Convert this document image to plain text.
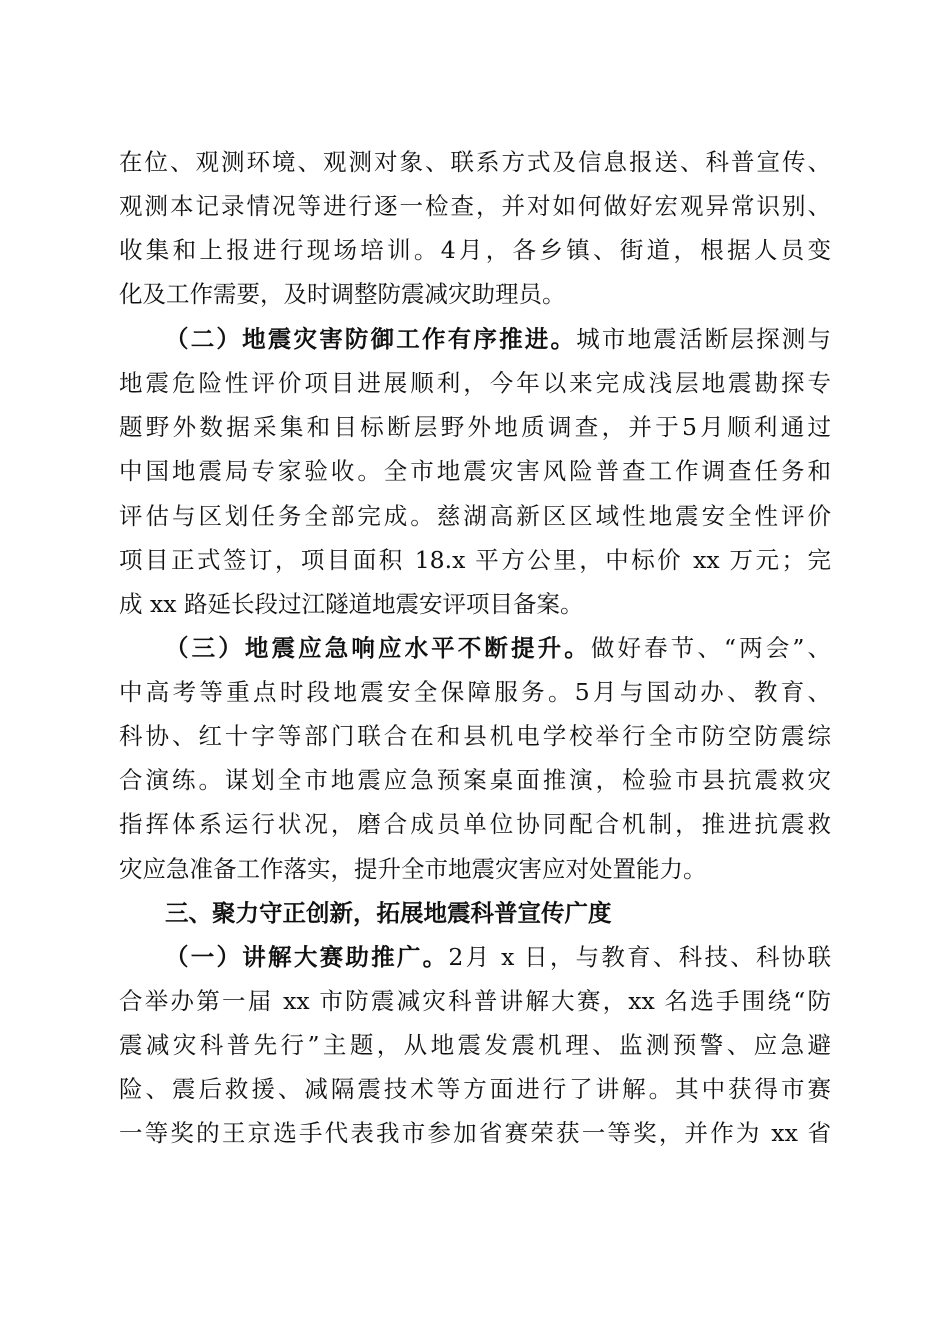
在位、观测环境、观测对象、联系方式及信息报送、科普宣传、
观测本记录情况等进行逐一检查，并对如何做好宏观异常识别、
收集和上报进行现场培训。4月，各乡镇、街道，根据人员变
化及工作需要，及时调整防震减灾助理员。
（二）地震灾害防御工作有序推进。城市地震活断层探测与
地震危险性评价项目进展顺利，今年以来完成浅层地震勘探专
题野外数据采集和目标断层野外地质调查，并于5月顺利通过
中国地震局专家验收。全市地震灾害风险普查工作调查任务和
评估与区划任务全部完成。慈湖高新区区域性地震安全性评价
项目正式签订，项目面积 18.x 平方公里，中标价 xx 万元；完
成 xx 路延长段过江隧道地震安评项目备案。
（三）地震应急响应水平不断提升。做好春节、“两会”、
中高考等重点时段地震安全保障服务。5月与国动办、教育、
科协、红十字等部门联合在和县机电学校举行全市防空防震综
合演练。谋划全市地震应急预案桌面推演，检验市县抗震救灾
指挥体系运行状况，磨合成员单位协同配合机制，推进抗震救
灾应急准备工作落实，提升全市地震灾害应对处置能力。
三、聚力守正创新，拓展地震科普宣传广度
（一）讲解大赛助推广。2月 x 日，与教育、科技、科协联
合举办第一届 xx 市防震减灾科普讲解大赛，xx 名选手围绕“防
震减灾科普先行”主题，从地震发震机理、监测预警、应急避
险、震后救援、减隔震技术等方面进行了讲解。其中获得市赛
一等奖的王京选手代表我市参加省赛荣获一等奖，并作为 xx 省
